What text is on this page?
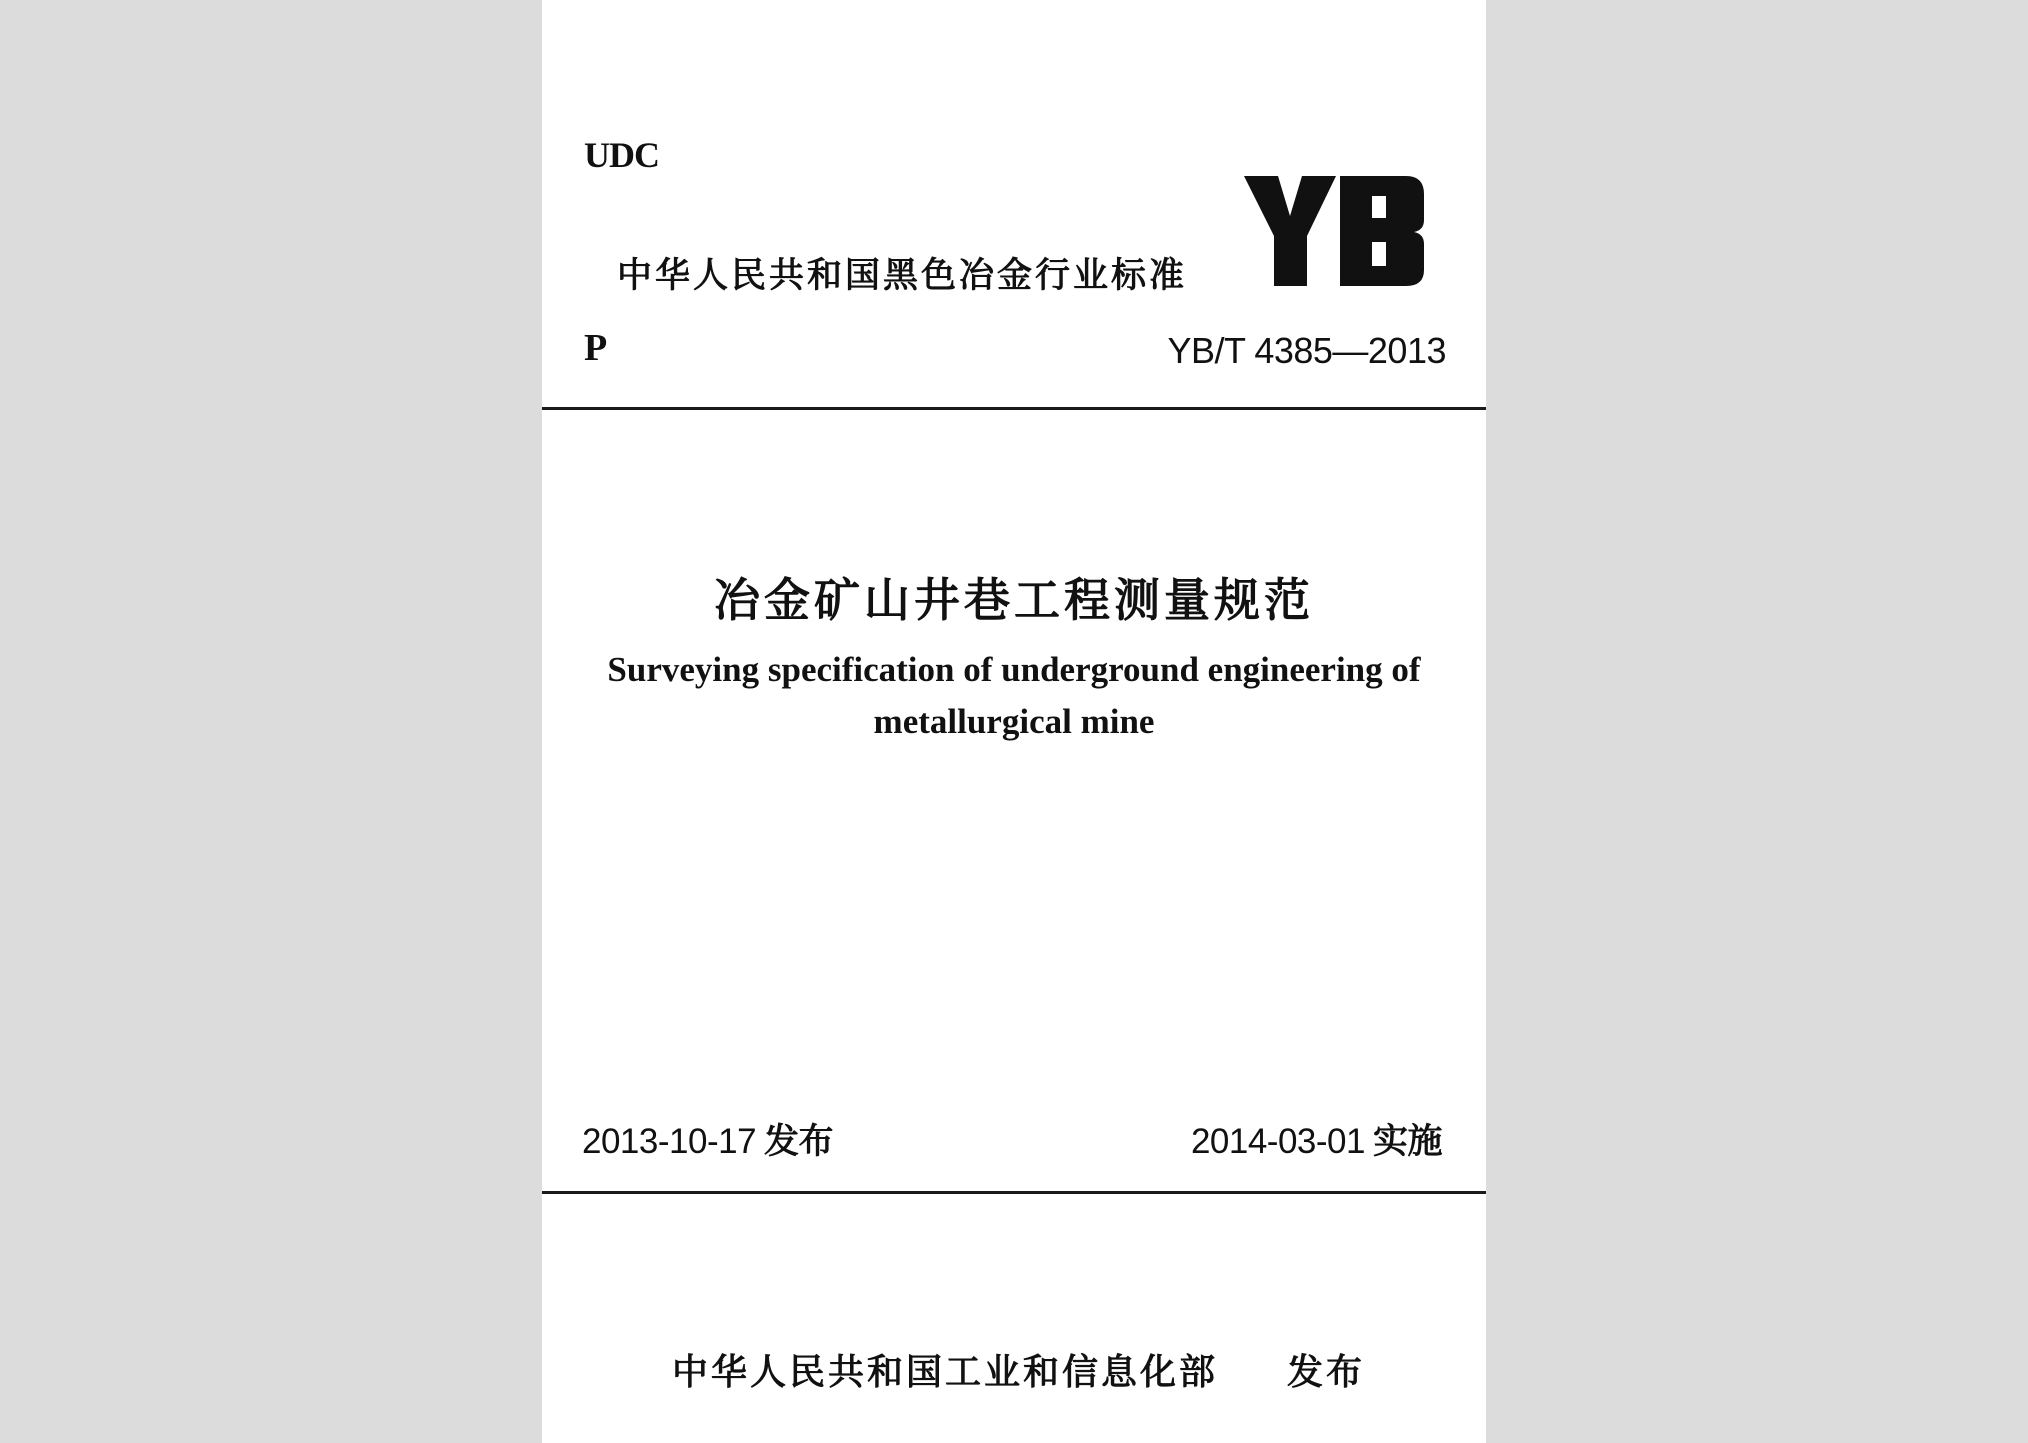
UDC
中华人民共和国黑色冶金行业标准
P	YB/T 4385—2013
冶金矿山井巷工程测量规范
Surveying specification of underground engineering of
metallurgical mine
2013-10-17 发布	2014-03-01 实施
中华人民共和国工业和信息化部 发布
